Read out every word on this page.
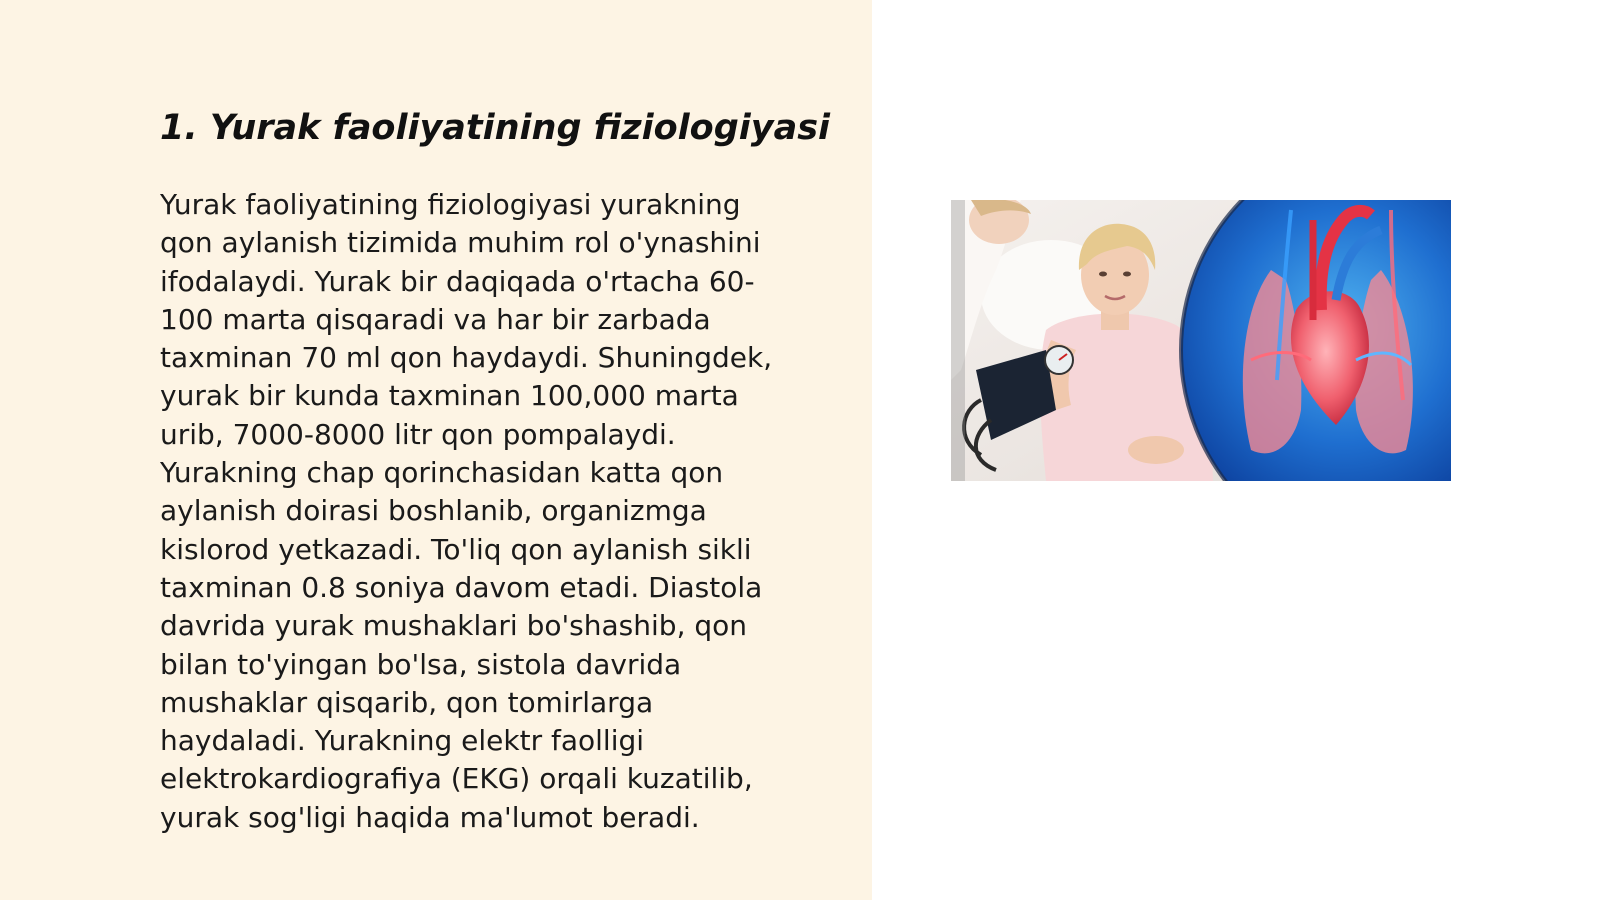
1. Yurak faoliyatining fiziologiyasi
Yurak faoliyatining fiziologiyasi yurakning
qon aylanish tizimida muhim rol o'ynashini
ifodalaydi. Yurak bir daqiqada o'rtacha 60-
100 marta qisqaradi va har bir zarbada
taxminan 70 ml qon haydaydi. Shuningdek,
yurak bir kunda taxminan 100,000 marta
urib, 7000-8000 litr qon pompalaydi.
Yurakning chap qorinchasidan katta qon
aylanish doirasi boshlanib, organizmga
kislorod yetkazadi. To'liq qon aylanish sikli
taxminan 0.8 soniya davom etadi. Diastola
davrida yurak mushaklari bo'shashib, qon
bilan to'yingan bo'lsa, sistola davrida
mushaklar qisqarib, qon tomirlarga
haydaladi. Yurakning elektr faolligi
elektrokardiografiya (EKG) orqali kuzatilib,
yurak sog'ligi haqida ma'lumot beradi.
